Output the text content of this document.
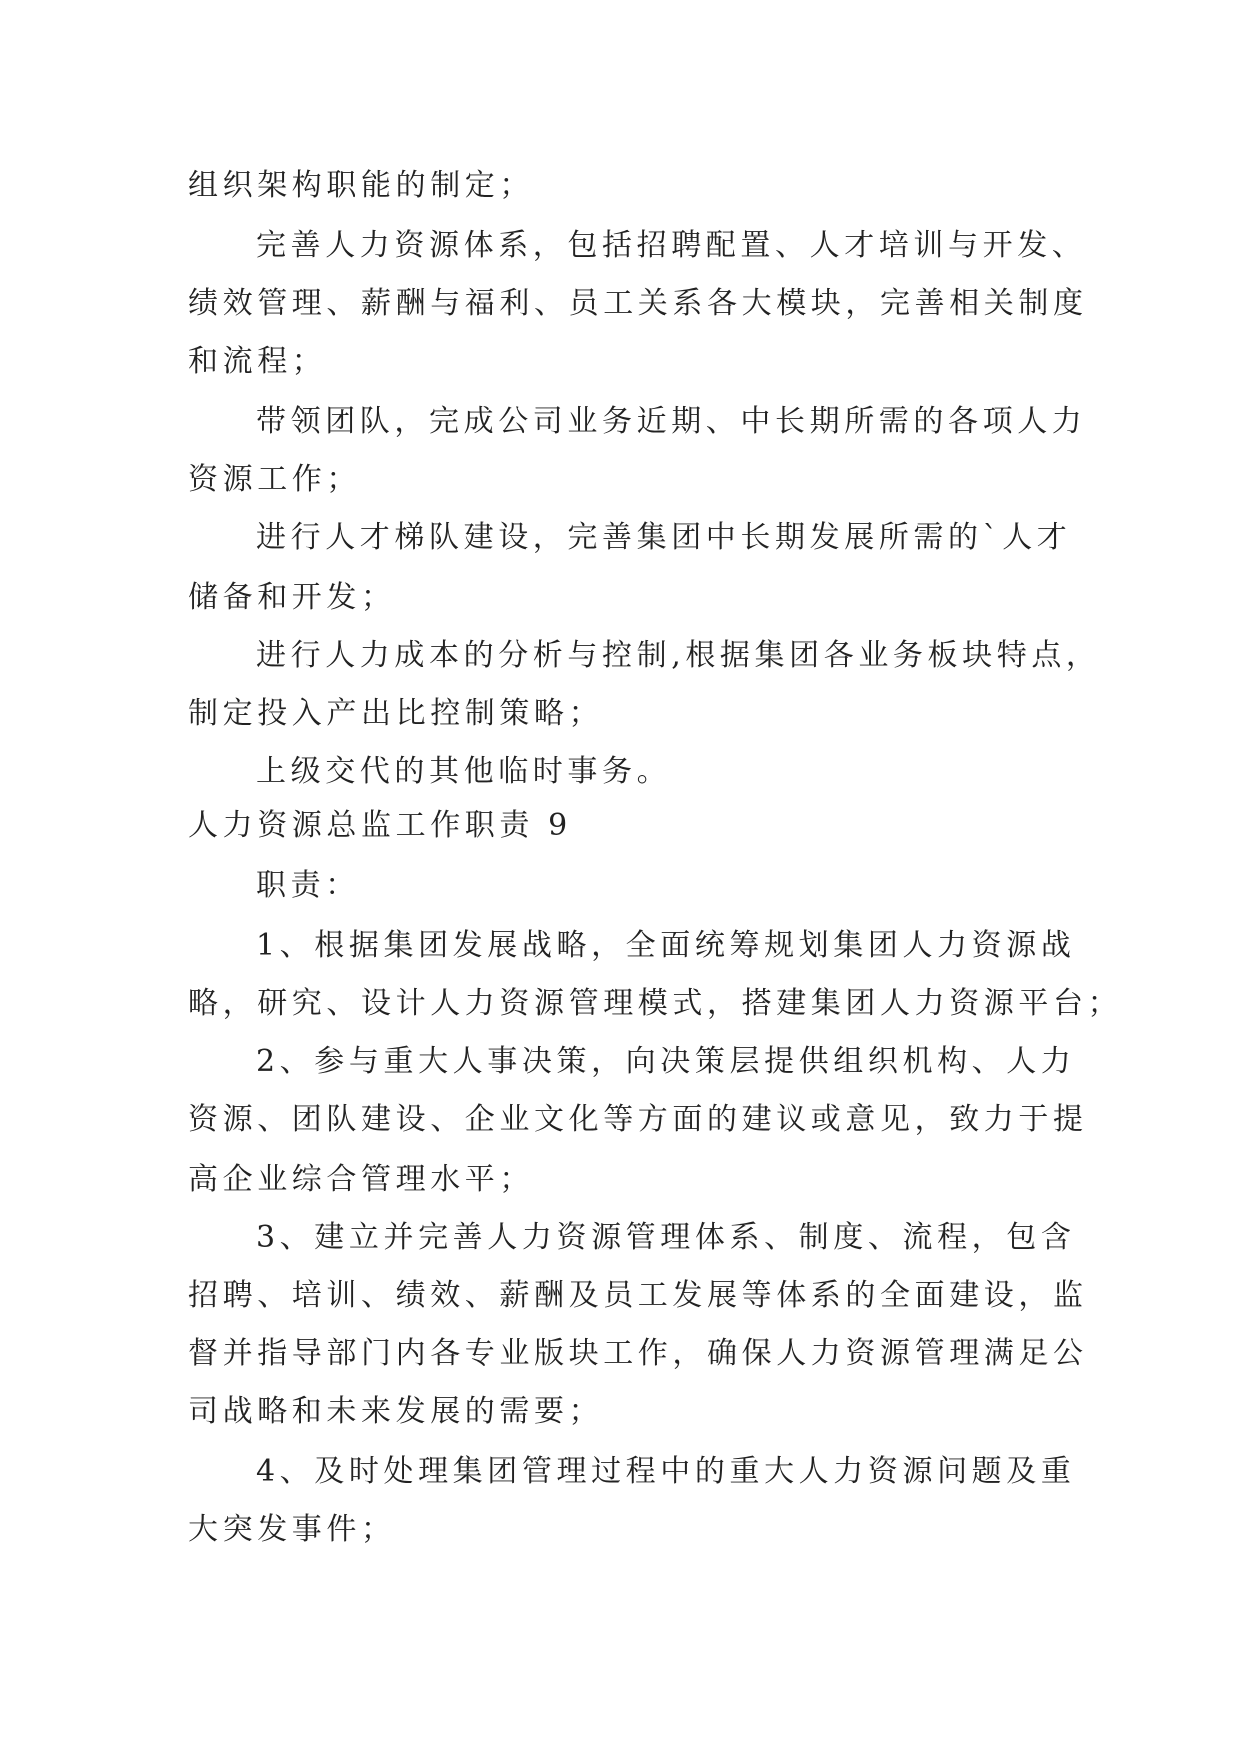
组织架构职能的制定；
完善人力资源体系，包括招聘配置、人才培训与开发、
绩效管理、薪酬与福利、员工关系各大模块，完善相关制度
和流程；
带领团队，完成公司业务近期、中长期所需的各项人力
资源工作；
进行人才梯队建设，完善集团中长期发展所需的`人才
储备和开发；
进行人力成本的分析与控制,根据集团各业务板块特点，
制定投入产出比控制策略；
上级交代的其他临时事务。
人力资源总监工作职责 9
职责：
1、根据集团发展战略，全面统筹规划集团人力资源战
略，研究、设计人力资源管理模式，搭建集团人力资源平台；
2、参与重大人事决策，向决策层提供组织机构、人力
资源、团队建设、企业文化等方面的建议或意见，致力于提
高企业综合管理水平；
3、建立并完善人力资源管理体系、制度、流程，包含
招聘、培训、绩效、薪酬及员工发展等体系的全面建设，监
督并指导部门内各专业版块工作，确保人力资源管理满足公
司战略和未来发展的需要；
4、及时处理集团管理过程中的重大人力资源问题及重
大突发事件；
